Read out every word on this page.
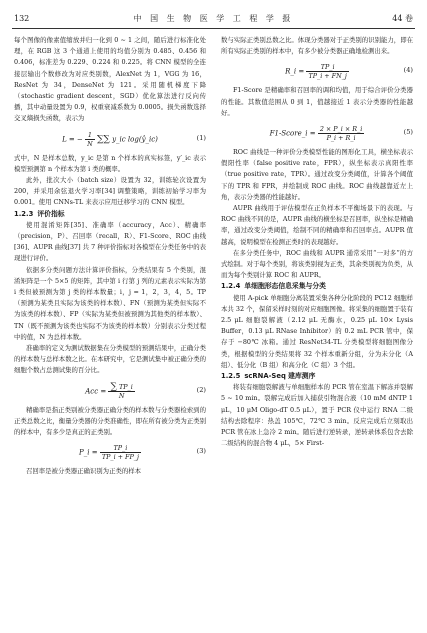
132	中 国 生 物 医 学 工 程 学 报	44 卷

每个图像的像素值缩放并归一化到 0 ~ 1 之间，随后进行标准化处理，在 RGB 这 3 个通道上使用的均值分别为 0.485、0.456 和 0.406，标准差为 0.229、0.224 和 0.225。将 CNN 模型的全连接层输出个数修改为对应类别数，AlexNet 为 1，VGG 为 16，ResNet 为 34，DenseNet 为 121。采用随机梯度下降（stochastic gradient descent，SGD）优化算法进行反向传播，其中动量设置为 0.9，权重衰减系数为 0.0005。损失函数选择交叉熵损失函数，表示为

L = − $\frac{1}{N}$ ∑∑ y_ic log(ŷ_ic)	(1)

式中，N 是样本总数，y_ic 是第 n 个样本的真实标签，y′_ic 表示模型预测第 n 个样本为第 i 类的概率。

此外，批次大小（batch size）设置为 32，训练轮次设置为 200，并采用余弦退火学习率[34] 调整策略，训练初始学习率为 0.001。使用 CNNs-TL 来表示应用迁移学习的 CNN 模型。

1.2.3 评价指标

使用混淆矩阵[35]、准确率（accuracy，Acc）、精确率（precision，P）、召回率（recall，R）、F1-Score、ROC 曲线[36]、AUPR 曲线[37] 共 7 种评价指标对各模型在分类任务中的表现进行评价。

依据多分类问题方法计算评价指标，分类结果有 5 个类别，混淆矩阵是一个 5×5 的矩阵，其中第 i 行第 j 列的元素表示实际为第 i 类但被预测为第 j 类的样本数量；i，j = 1，2，3，4，5。TP（预测为某类且实际为该类的样本数）、FN（预测为某类但实际不为该类的样本数）、FP（实际为某类但被预测为其他类的样本数）、TN（既不预测为该类也实际不为该类的样本数）分别表示分类过程中的值，N 为总样本数。

准确率的定义为测试数据集在分类模型的预测结果中，正确分类的样本数与总样本数之比。在本研究中，它是测试集中被正确分类的细胞个数占总测试集的百分比。

Acc = $\frac{\sum TP\_i}{N}$	(2)

精确率是指正类别被分类器正确分类的样本数与分类器检索到的正类总数之比，衡量分类器的分类准确性，即在所有被分类为正类别的样本中，有多少是真正的正类别。

P_i = $\frac{TP\_i}{TP\_i + FP\_j}$	(3)

召回率是被分类器正确识别为正类的样本

数与实际正类别总数之比。体现分类器对于正类别的识别能力，即在所有实际正类别的样本中，有多少被分类器正确地检测出来。

R_i = $\frac{TP\_i}{TP\_i + FN\_j}$	(4)

F1-Score 是精确率和召回率的调和均值，用于综合评价分类器的性能。其数值范围从 0 到 1，值越接近 1 表示分类器的性能越好。

F1-Score_i = $\frac{2 \times P\_i \times R\_i}{P\_i + R\_i}$	(5)

ROC 曲线是一种评价分类模型性能的图形化工具，横坐标表示假阳性率（false positive rate，FPR），纵坐标表示真阳性率（true positive rate，TPR）。通过改变分类阈值，计算各个阈值下的 TPR 和 FPR，并绘制成 ROC 曲线。ROC 曲线越靠近左上角，表示分类器的性能越好。

AUPR 曲线用于评估模型在正负样本不平衡场景下的表现。与 ROC 曲线不同的是，AUPR 曲线的横坐标是召回率，纵坐标是精确率，通过改变分类阈值，绘制不同的精确率和召回率点。AUPR 值越高，说明模型在检测正类时的表现越好。

在多分类任务中，ROC 曲线和 AUPR 通常采用“一对多”的方式绘制。对于每个类别，将该类别视为正类，其余类别视为负类，从而为每个类别计算 ROC 和 AUPR。

1.2.4 单细胞形态信息采集与分类

使用 A-pick 单细胞分离装置采集各种分化阶段的 PC12 细胞样本共 32 个，保留采样时刻的对应细胞图像。将采集的细胞置于装有 2.5 μL 细胞裂解液（2.12 μL 无酶水，0.25 μL 10× Lysis Buffer，0.13 μL RNase Inhibitor）的 0.2 mL PCR 管中，保存于 −80℃ 冰箱。通过 ResNet34-TL 分类模型将细胞图像分类，根据模型的分类结果将 32 个样本重新分组，分为未分化（A 组）、低分化（B 组）和高分化（C 组）3 个组。

1.2.5 scRNA-Seq 建库测序

将装有细胞裂解液与单细胞样本的 PCR 管在室温下解冻并裂解 5 ~ 10 min。裂解完成后加入捕获引物混合液（10 mM dNTP 1 μL，10 μM Oligo-dT 0.5 μL），置于 PCR 仪中运行 RNA 二级结构去除程序：热盖 105℃，72℃ 3 min。反应完成后立刻取出 PCR 管在冰上急冷 2 min。随后进行逆转录，逆转录体系包含去除二级结构的混合物 4 μL，5× First-
